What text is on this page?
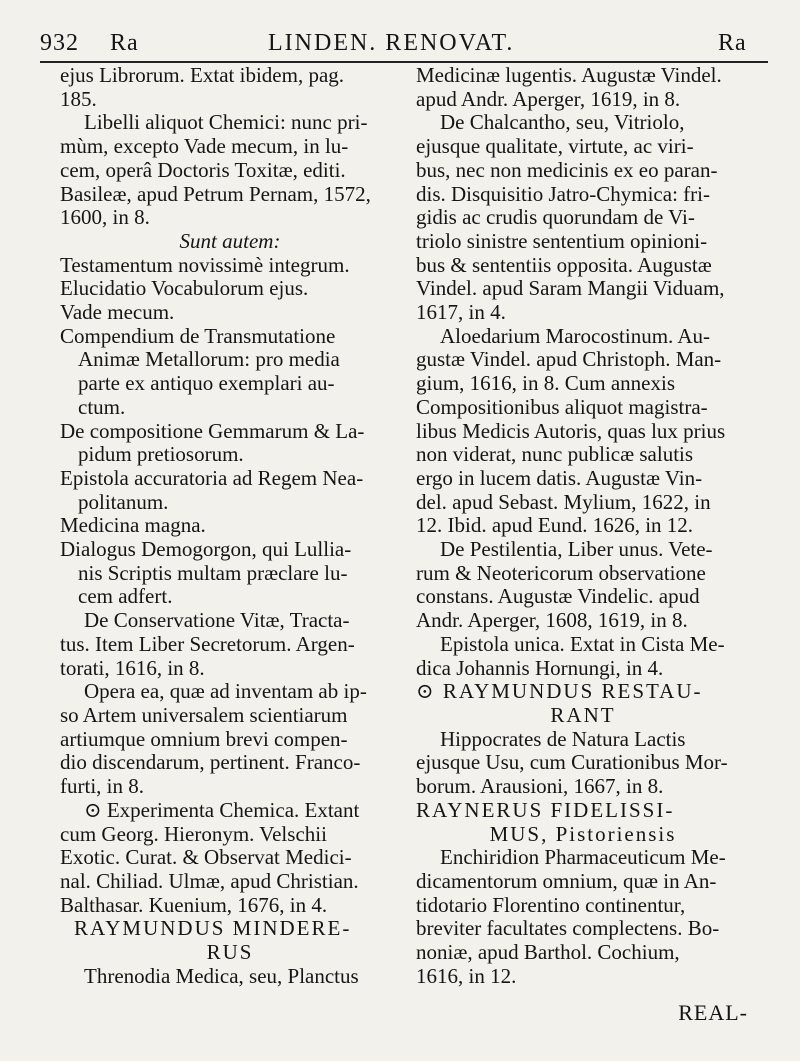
932 Ra	LINDEN. RENOVAT.	Ra
ejus Librorum. Extat ibidem, pag.
185.
Libelli aliquot Chemici: nunc pri-
mùm, excepto Vade mecum, in lu-
cem, operâ Doctoris Toxitæ, editi.
Basileæ, apud Petrum Pernam, 1572,
1600, in 8.
Sunt autem:
Testamentum novissimè integrum.
Elucidatio Vocabulorum ejus.
Vade mecum.
Compendium de Transmutatione
Animæ Metallorum: pro media
parte ex antiquo exemplari au-
ctum.
De compositione Gemmarum & La-
pidum pretiosorum.
Epistola accuratoria ad Regem Nea-
politanum.
Medicina magna.
Dialogus Demogorgon, qui Lullia-
nis Scriptis multam præclare lu-
cem adfert.
De Conservatione Vitæ, Tracta-
tus. Item Liber Secretorum. Argen-
torati, 1616, in 8.
Opera ea, quæ ad inventam ab ip-
so Artem universalem scientiarum
artiumque omnium brevi compen-
dio discendarum, pertinent. Franco-
furti, in 8.
⊙ Experimenta Chemica. Extant
cum Georg. Hieronym. Velschii
Exotic. Curat. & Observat Medici-
nal. Chiliad. Ulmæ, apud Christian.
Balthasar. Kuenium, 1676, in 4.
RAYMUNDUS MINDERE-
RUS
Threnodia Medica, seu, Planctus
Medicinæ lugentis. Augustæ Vindel.
apud Andr. Aperger, 1619, in 8.
De Chalcantho, seu, Vitriolo,
ejusque qualitate, virtute, ac viri-
bus, nec non medicinis ex eo paran-
dis. Disquisitio Jatro-Chymica: fri-
gidis ac crudis quorundam de Vi-
triolo sinistre sententium opinioni-
bus & sententiis opposita. Augustæ
Vindel. apud Saram Mangii Viduam,
1617, in 4.
Aloedarium Marocostinum. Au-
gustæ Vindel. apud Christoph. Man-
gium, 1616, in 8. Cum annexis
Compositionibus aliquot magistra-
libus Medicis Autoris, quas lux prius
non viderat, nunc publicæ salutis
ergo in lucem datis. Augustæ Vin-
del. apud Sebast. Mylium, 1622, in
12. Ibid. apud Eund. 1626, in 12.
De Pestilentia, Liber unus. Vete-
rum & Neotericorum observatione
constans. Augustæ Vindelic. apud
Andr. Aperger, 1608, 1619, in 8.
Epistola unica. Extat in Cista Me-
dica Johannis Hornungi, in 4.
⊙ RAYMUNDUS RESTAU-
RANT
Hippocrates de Natura Lactis
ejusque Usu, cum Curationibus Mor-
borum. Arausioni, 1667, in 8.
RAYNERUS FIDELISSI-
MUS, Pistoriensis
Enchiridion Pharmaceuticum Me-
dicamentorum omnium, quæ in An-
tidotario Florentino continentur,
breviter facultates complectens. Bo-
noniæ, apud Barthol. Cochium,
1616, in 12.
REAL-
